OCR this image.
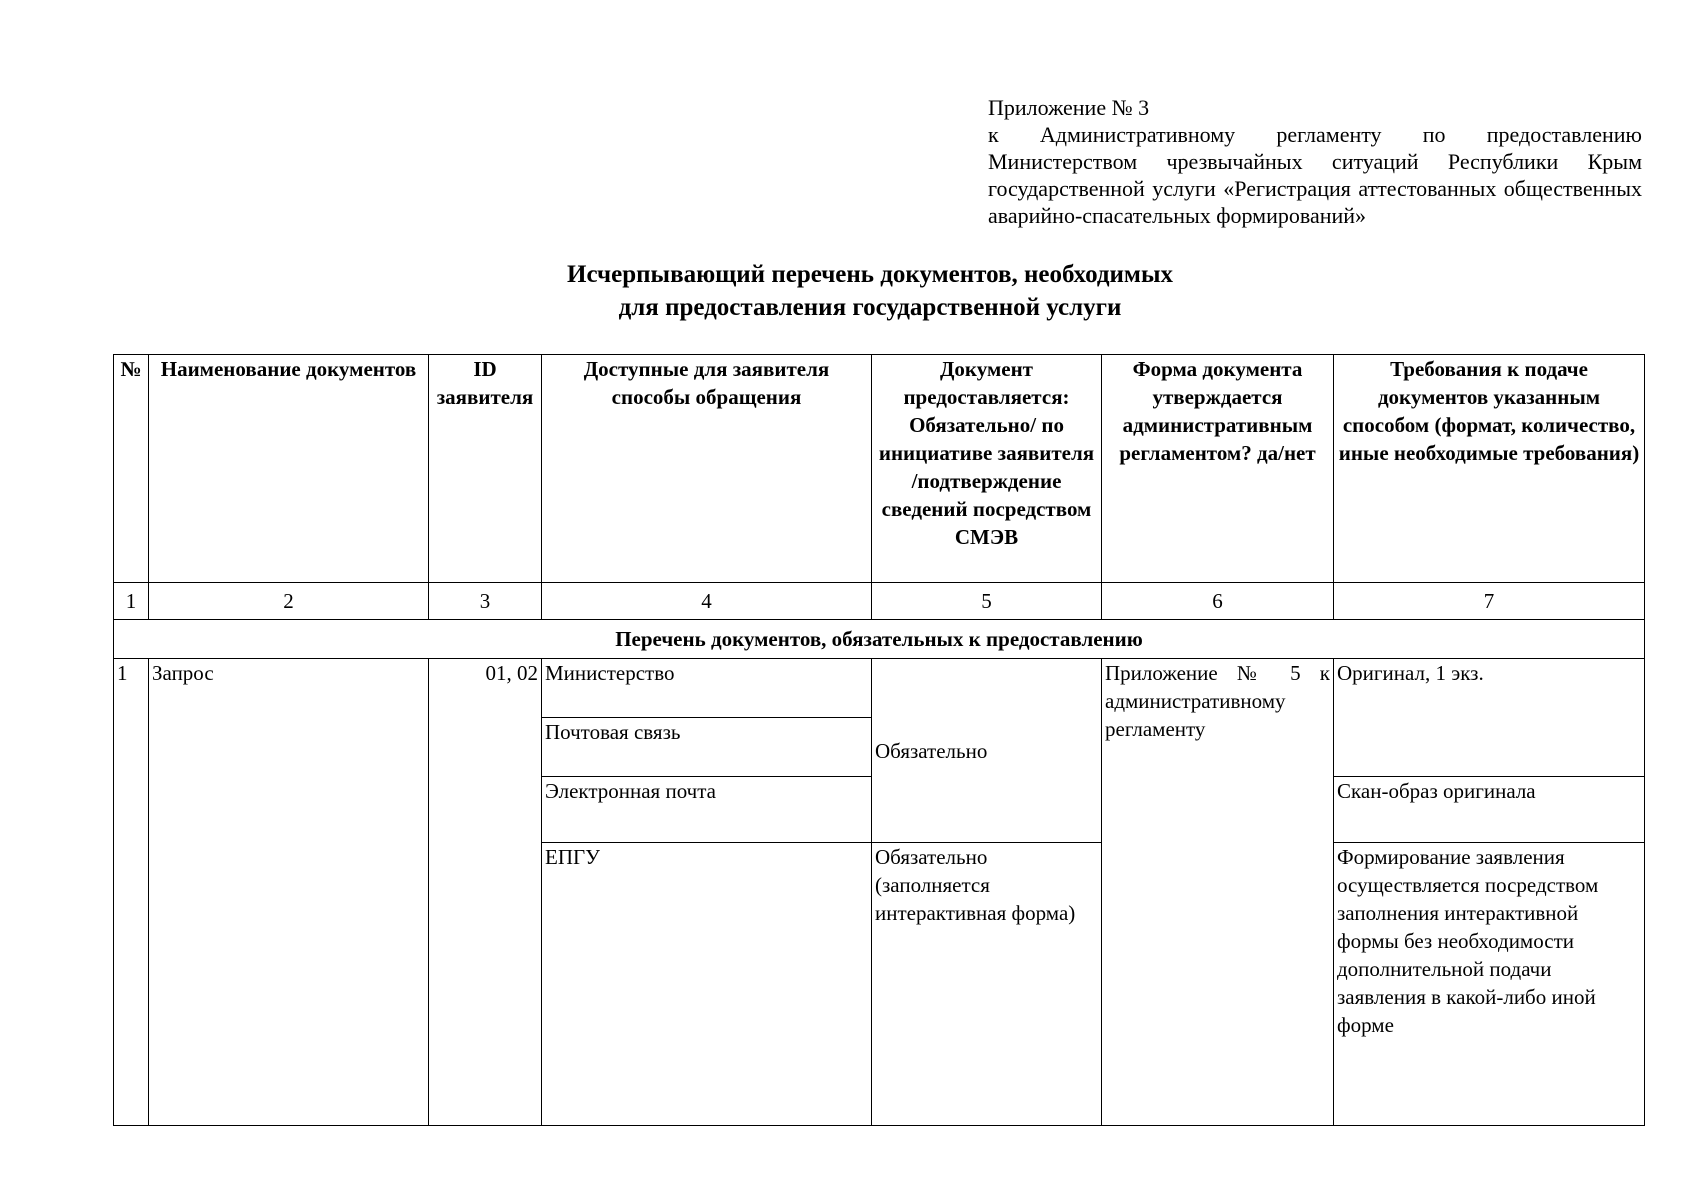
Приложение № 3
к Административному регламенту по предоставлению Министерством чрезвычайных ситуаций Республики Крым государственной услуги «Регистрация аттестованных общественных аварийно-спасательных формирований»
Исчерпывающий перечень документов, необходимых
для предоставления государственной услуги
№	Наименование документов	ID заявителя	Доступные для заявителя способы обращения	Документ предоставляется: Обязательно/ по инициативе заявителя /подтверждение сведений посредством СМЭВ	Форма документа утверждается административным регламентом? да/нет	Требования к подаче документов указанным способом (формат, количество, иные необходимые требования)
1	2	3	4	5	6	7
Перечень документов, обязательных к предоставлению						
1	Запрос	01, 02	Министерство	Обязательно	Приложение № 5 к административному регламенту	Оригинал, 1 экз.
			Почтовая связь			
			Электронная почта			Скан-образ оригинала
			ЕПГУ	Обязательно (заполняется интерактивная форма)		Формирование заявления осуществляется посредством заполнения интерактивной формы без необходимости дополнительной подачи заявления в какой-либо иной форме
